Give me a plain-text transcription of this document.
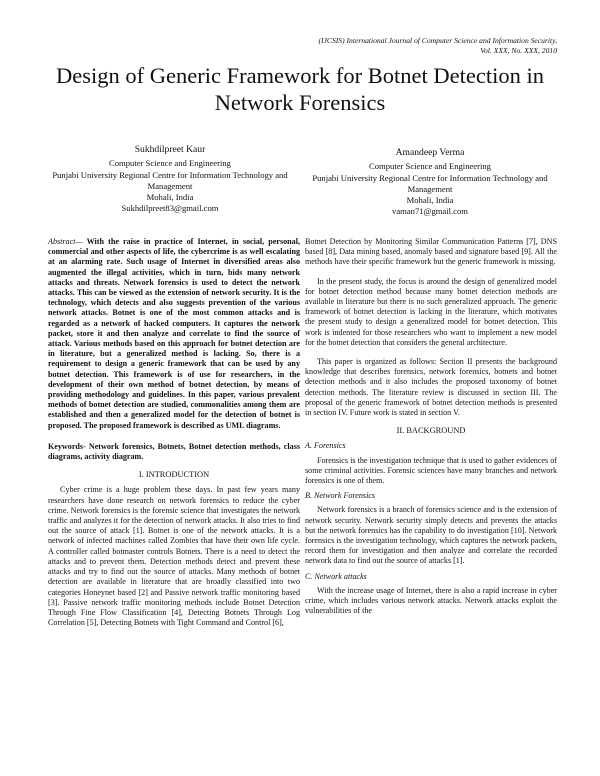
(IJCSIS) International Journal of Computer Science and Information Security,
Vol. XXX, No. XXX, 2010
Design of Generic Framework for Botnet Detection in Network Forensics
Sukhdilpreet Kaur
Computer Science and Engineering
Punjabi University Regional Centre for Information Technology and Management
Mohali, India
Sukhdilpreet83@gmail.com
Amandeep Verma
Computer Science and Engineering
Punjabi University Regional Centre for Information Technology and Management
Mohali, India
vaman71@gmail.com

Abstract— With the raise in practice of Internet, in social, personal, commercial and other aspects of life, the cybercrime is as well escalating at an alarming rate. Such usage of Internet in diversified areas also augmented the illegal activities, which in turn, bids many network attacks and threats. Network forensics is used to detect the network attacks. This can be viewed as the extension of network security. It is the technology, which detects and also suggests prevention of the various network attacks. Botnet is one of the most common attacks and is regarded as a network of hacked computers. It captures the network packet, store it and then analyze and correlate to find the source of attack. Various methods based on this approach for botnet detection are in literature, but a generalized method is lacking. So, there is a requirement to design a generic framework that can be used by any botnet detection. This framework is of use for researchers, in the development of their own method of botnet detection, by means of providing methodology and guidelines. In this paper, various prevalent methods of botnet detection are studied, commonalities among them are established and then a generalized model for the detection of botnet is proposed. The proposed framework is described as UML diagrams.

Keywords- Network forensics, Botnets, Botnet detection methods, class diagrams, activity diagram.

I. INTRODUCTION

Cyber crime is a huge problem these days. In past few years many researchers have done research on network forensics to reduce the cyber crime. Network forensics is the forensic science that investigates the network traffic and analyzes it for the detection of network attacks. It also tries to find out the source of attack [1]. Botnet is one of the network attacks. It is a network of infected machines called Zombies that have their own life cycle. A controller called botmaster controls Botnets. There is a need to detect the attacks and to prevent them. Detection methods detect and prevent these attacks and try to find out the source of attacks. Many methods of botnet detection are available in literature that are broadly classified into two categories Honeynet based [2] and Passive network traffic monitoring based [3]. Passive network traffic monitoring methods include Botnet Detection Through Fine Flow Classification [4], Detecting Botnets Through Log Correlation [5], Detecting Botnets with Tight Command and Control [6],

Botnet Detection by Monitoring Similar Communication Patterns [7], DNS based [8], Data mining based, anomaly based and signature based [9]. All the methods have their specific framework but the generic framework is missing.

In the present study, the focus is around the design of generalized model for botnet detection method because many botnet detection methods are available in literature but there is no such generalized approach. The generic framework of botnet detection is lacking in the literature, which motivates the present study to design a generalized model for botnet detection. This work is indented for those researchers who want to implement a new model for the botnet detection that considers the general architecture.

This paper is organized as follows: Section II presents the background knowledge that describes forensics, network forensics, botnets and botnet detection methods and it also includes the proposed taxonomy of botnet detection methods. The literature review is discussed in section III. The proposal of the generic framework of botnet detection methods is presented in section IV. Future work is stated in section V.

II. BACKGROUND
A. Forensics

Forensics is the investigation technique that is used to gather evidences of some criminal activities. Forensic sciences have many branches and network forensics is one of them.

B. Network Forensics

Network forensics is a branch of forensics science and is the extension of network security. Network security simply detects and prevents the attacks but the network forensics has the capability to do investigation [10]. Network forensics is the investigation technology, which captures the network packets, record them for investigation and then analyze and correlate the recorded network data to find out the source of attacks [1].

C. Network attacks

With the increase usage of Internet, there is also a rapid increase in cyber crime, which includes various network attacks. Network attacks exploit the vulnerabilities of the
